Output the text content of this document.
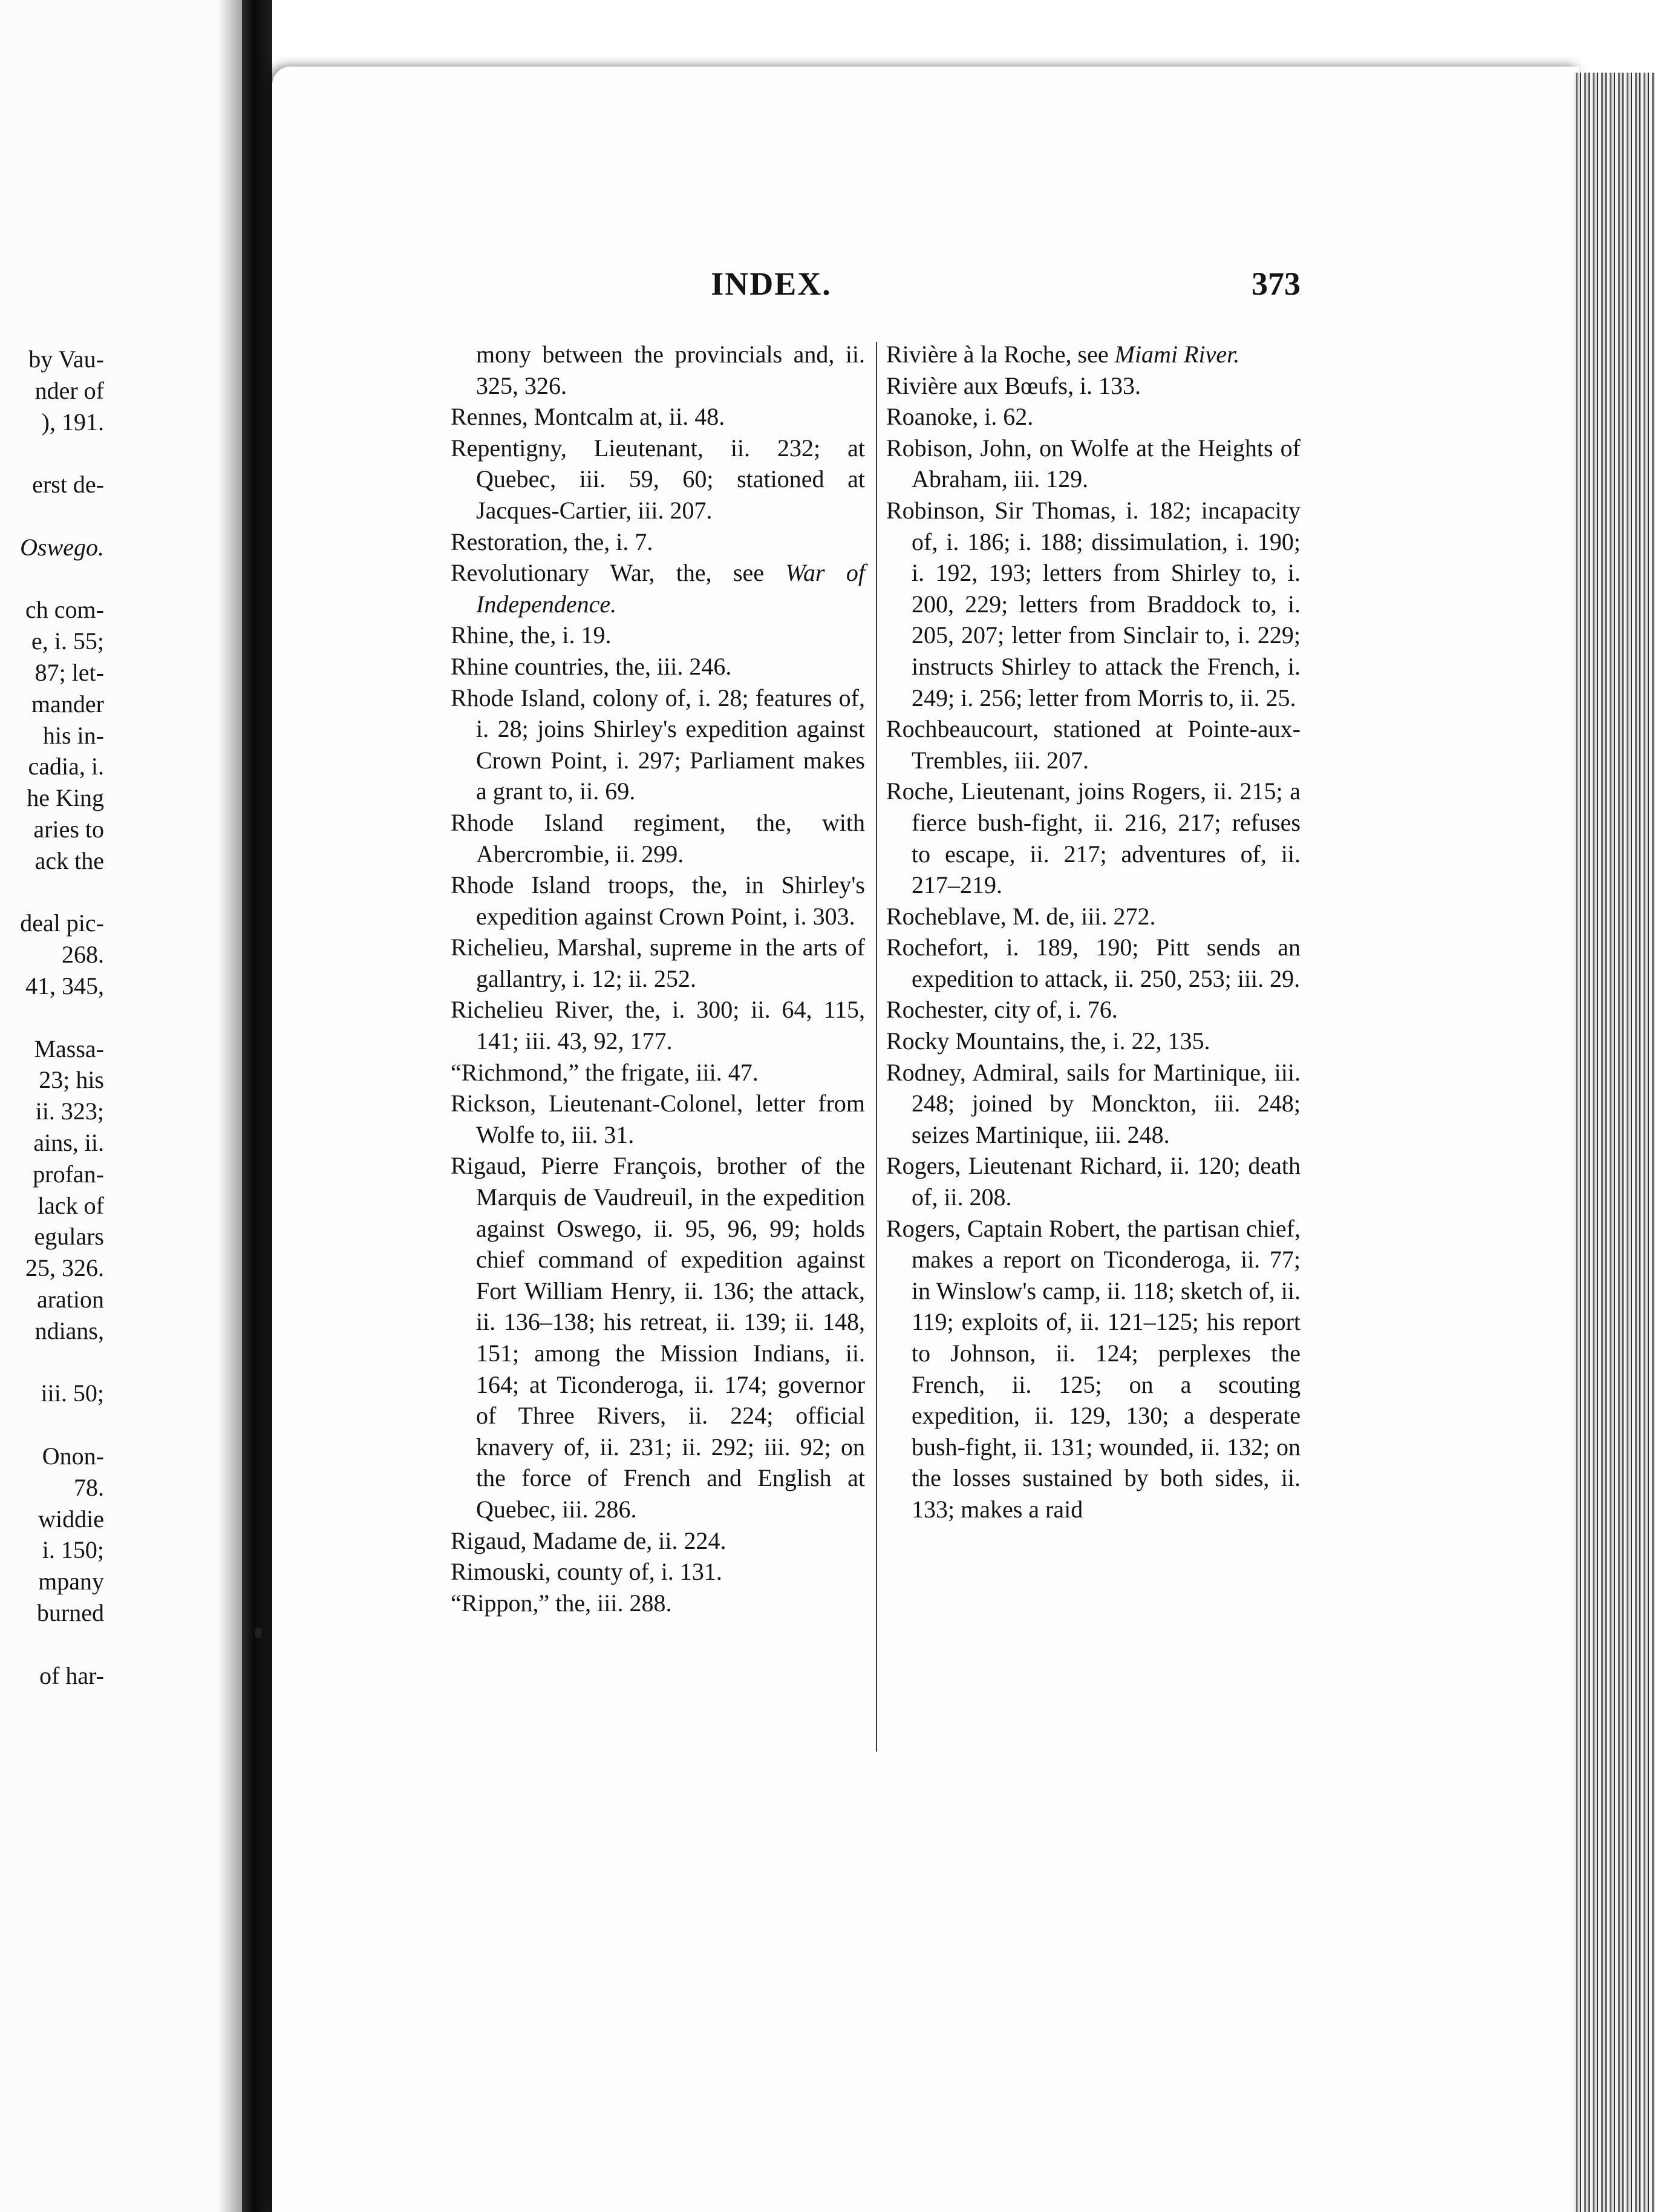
by Vau-
nder of
), 191.
erst de-
Oswego.
ch com-
e, i. 55;
87; let-
mander
his in-
cadia, i.
he King
aries to
ack the
deal pic-
268.
41, 345,
Massa-
23; his
ii. 323;
ains, ii.
profan-
lack of
egulars
25, 326.
aration
ndians,
iii. 50;
Onon-
78.
widdie
i. 150;
mpany
burned
of har-
INDEX.	373

mony between the provincials and, ii. 325, 326.

Rennes, Montcalm at, ii. 48.

Repentigny, Lieutenant, ii. 232; at Quebec, iii. 59, 60; stationed at Jacques-Cartier, iii. 207.

Restoration, the, i. 7.

Revolutionary War, the, see War of Independence.

Rhine, the, i. 19.

Rhine countries, the, iii. 246.

Rhode Island, colony of, i. 28; features of, i. 28; joins Shirley's expedition against Crown Point, i. 297; Parliament makes a grant to, ii. 69.

Rhode Island regiment, the, with Abercrombie, ii. 299.

Rhode Island troops, the, in Shirley's expedition against Crown Point, i. 303.

Richelieu, Marshal, supreme in the arts of gallantry, i. 12; ii. 252.

Richelieu River, the, i. 300; ii. 64, 115, 141; iii. 43, 92, 177.

“Richmond,” the frigate, iii. 47.

Rickson, Lieutenant-Colonel, letter from Wolfe to, iii. 31.

Rigaud, Pierre François, brother of the Marquis de Vaudreuil, in the expedition against Oswego, ii. 95, 96, 99; holds chief command of expedition against Fort William Henry, ii. 136; the attack, ii. 136–138; his retreat, ii. 139; ii. 148, 151; among the Mission Indians, ii. 164; at Ticonderoga, ii. 174; governor of Three Rivers, ii. 224; official knavery of, ii. 231; ii. 292; iii. 92; on the force of French and English at Quebec, iii. 286.

Rigaud, Madame de, ii. 224.

Rimouski, county of, i. 131.

“Rippon,” the, iii. 288.

Rivière à la Roche, see Miami River.

Rivière aux Bœufs, i. 133.

Roanoke, i. 62.

Robison, John, on Wolfe at the Heights of Abraham, iii. 129.

Robinson, Sir Thomas, i. 182; incapacity of, i. 186; i. 188; dissimulation, i. 190; i. 192, 193; letters from Shirley to, i. 200, 229; letters from Braddock to, i. 205, 207; letter from Sinclair to, i. 229; instructs Shirley to attack the French, i. 249; i. 256; letter from Morris to, ii. 25.

Rochbeaucourt, stationed at Pointe-aux-Trembles, iii. 207.

Roche, Lieutenant, joins Rogers, ii. 215; a fierce bush-fight, ii. 216, 217; refuses to escape, ii. 217; adventures of, ii. 217–219.

Rocheblave, M. de, iii. 272.

Rochefort, i. 189, 190; Pitt sends an expedition to attack, ii. 250, 253; iii. 29.

Rochester, city of, i. 76.

Rocky Mountains, the, i. 22, 135.

Rodney, Admiral, sails for Martinique, iii. 248; joined by Monckton, iii. 248; seizes Martinique, iii. 248.

Rogers, Lieutenant Richard, ii. 120; death of, ii. 208.

Rogers, Captain Robert, the partisan chief, makes a report on Ticonderoga, ii. 77; in Winslow's camp, ii. 118; sketch of, ii. 119; exploits of, ii. 121–125; his report to Johnson, ii. 124; perplexes the French, ii. 125; on a scouting expedition, ii. 129, 130; a desperate bush-fight, ii. 131; wounded, ii. 132; on the losses sustained by both sides, ii. 133; makes a raid
